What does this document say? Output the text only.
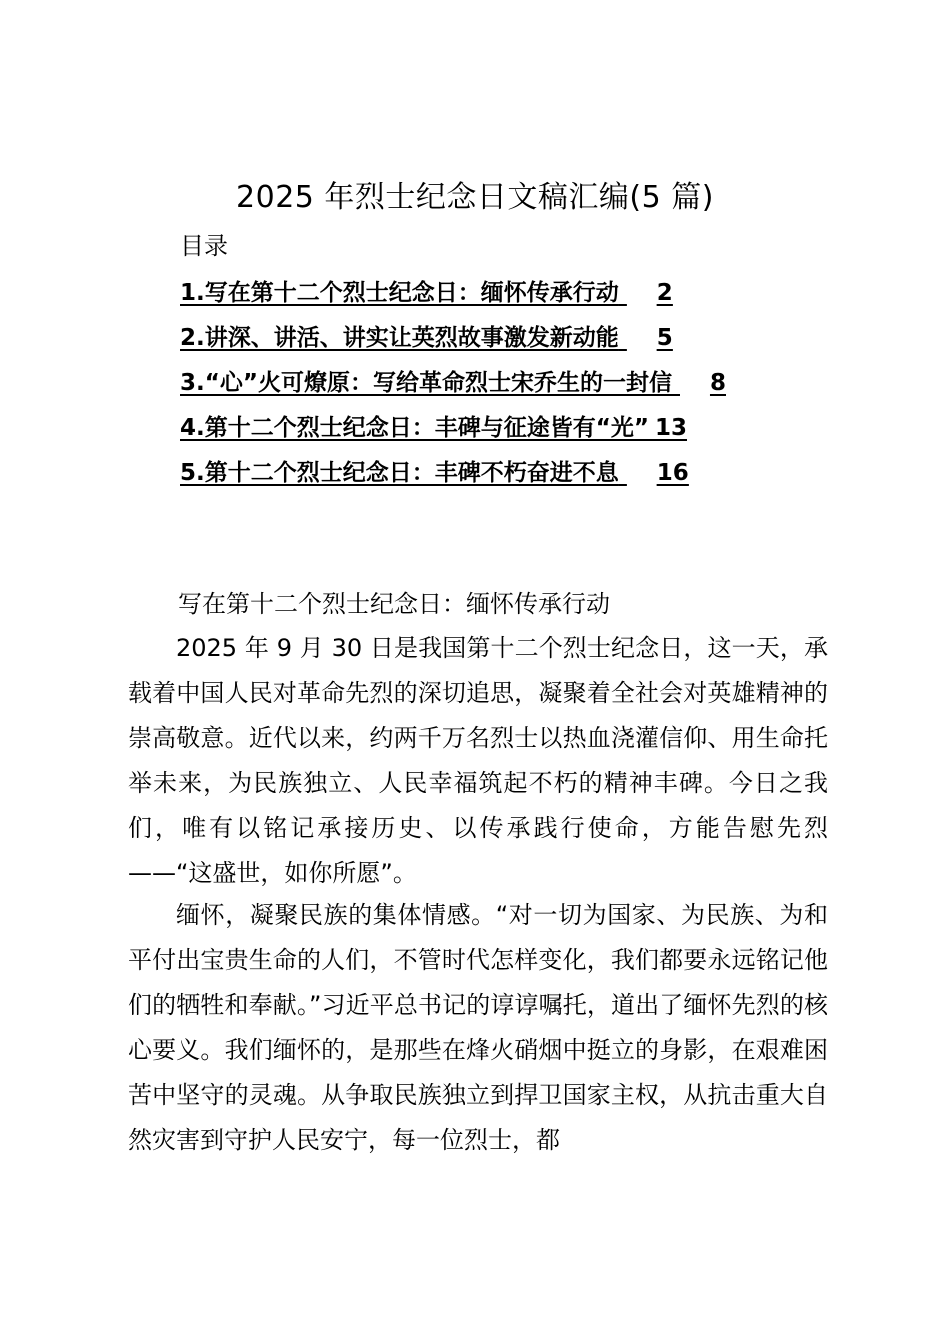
2025 年烈士纪念日文稿汇编(5 篇)
目录
1.写在第十二个烈士纪念日：缅怀传承行动
2
2.讲深、讲活、讲实让英烈故事激发新动能
5
3.“心”火可燎原：写给革命烈士宋乔生的一封信
8
4.第十二个烈士纪念日：丰碑与征途皆有“光”
13
5.第十二个烈士纪念日：丰碑不朽奋进不息
16
写在第十二个烈士纪念日：缅怀传承行动

2025 年 9 月 30 日是我国第十二个烈士纪念日，这一天，承载着中国人民对革命先烈的深切追思，凝聚着全社会对英雄精神的崇高敬意。近代以来，约两千万名烈士以热血浇灌信仰、用生命托举未来，为民族独立、人民幸福筑起不朽的精神丰碑。今日之我们，唯有以铭记承接历史、以传承践行使命，方能告慰先烈——“这盛世，如你所愿”。

缅怀，凝聚民族的集体情感。“对一切为国家、为民族、为和平付出宝贵生命的人们，不管时代怎样变化，我们都要永远铭记他们的牺牲和奉献。”习近平总书记的谆谆嘱托，道出了缅怀先烈的核心要义。我们缅怀的，是那些在烽火硝烟中挺立的身影，在艰难困苦中坚守的灵魂。从争取民族独立到捍卫国家主权，从抗击重大自然灾害到守护人民安宁，每一位烈士，都
